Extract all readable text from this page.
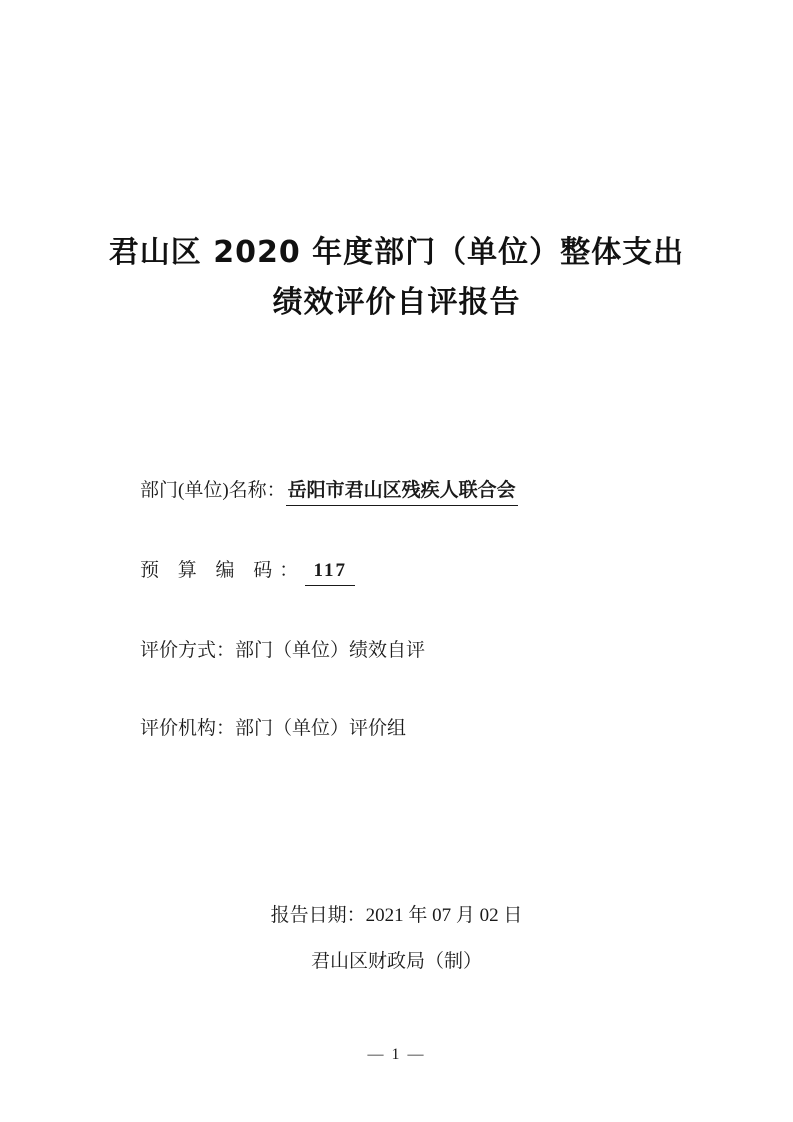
君山区 2020 年度部门（单位）整体支出
绩效评价自评报告
部门(单位)名称： 岳阳市君山区残疾人联合会
预 算 编 码： 117
评价方式：部门（单位）绩效自评
评价机构：部门（单位）评价组
报告日期：2021 年 07 月 02 日
君山区财政局（制）
— 1 —
